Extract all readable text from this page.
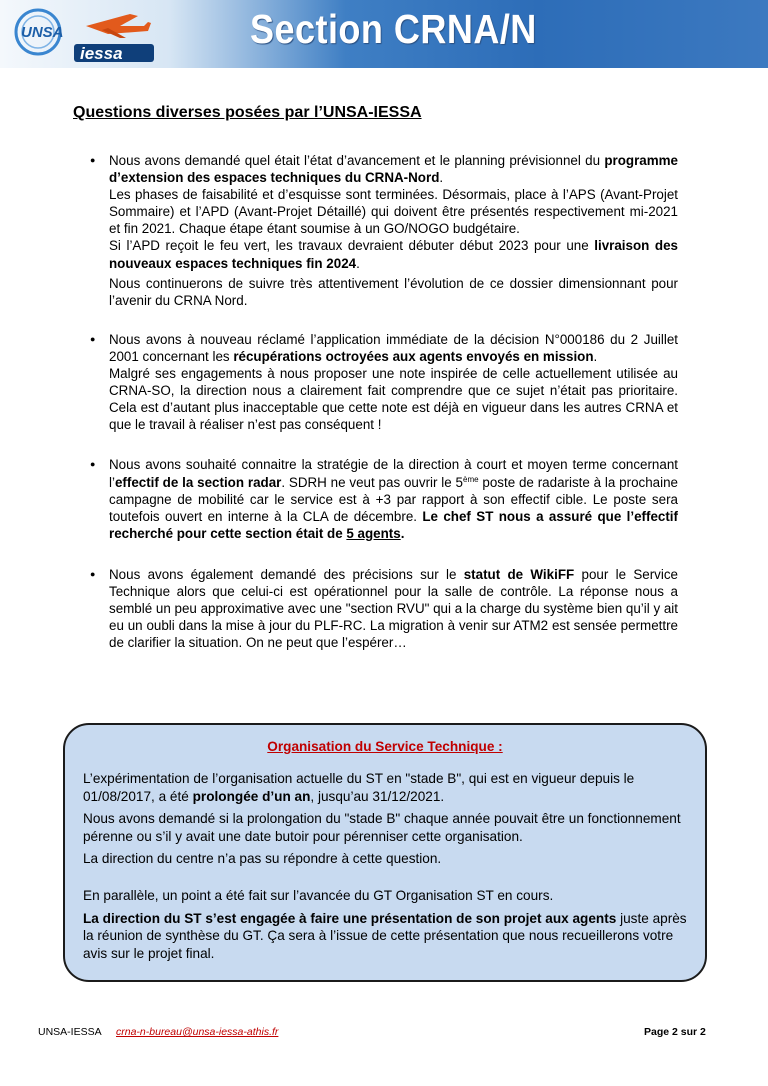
UNSA
iessa
Section CRNA/N
Questions diverses posées par l’UNSA-IESSA
● Nous avons demandé quel était l’état d’avancement et le planning prévisionnel du programme d’extension des espaces techniques du CRNA-Nord.

Les phases de faisabilité et d’esquisse sont terminées. Désormais, place à l’APS (Avant-Projet Sommaire) et l’APD (Avant-Projet Détaillé) qui doivent être présentés respectivement mi-2021 et fin 2021. Chaque étape étant soumise à un GO/NOGO budgétaire.

Si l’APD reçoit le feu vert, les travaux devraient débuter début 2023 pour une livraison des nouveaux espaces techniques fin 2024.

Nous continuerons de suivre très attentivement l’évolution de ce dossier dimensionnant pour l’avenir du CRNA Nord.

● Nous avons à nouveau réclamé l’application immédiate de la décision N°000186 du 2 Juillet 2001 concernant les récupérations octroyées aux agents envoyés en mission.

Malgré ses engagements à nous proposer une note inspirée de celle actuellement utilisée au CRNA-SO, la direction nous a clairement fait comprendre que ce sujet n’était pas prioritaire. Cela est d’autant plus inacceptable que cette note est déjà en vigueur dans les autres CRNA et que le travail à réaliser n’est pas conséquent !

● Nous avons souhaité connaitre la stratégie de la direction à court et moyen terme concernant l’effectif de la section radar. SDRH ne veut pas ouvrir le 5ème poste de radariste à la prochaine campagne de mobilité car le service est à +3 par rapport à son effectif cible. Le poste sera toutefois ouvert en interne à la CLA de décembre. Le chef ST nous a assuré que l’effectif recherché pour cette section était de 5 agents.

● Nous avons également demandé des précisions sur le statut de WikiFF pour le Service Technique alors que celui-ci est opérationnel pour la salle de contrôle. La réponse nous a semblé un peu approximative avec une "section RVU" qui a la charge du système bien qu’il y ait eu un oubli dans la mise à jour du PLF-RC. La migration à venir sur ATM2 est sensée permettre de clarifier la situation. On ne peut que l’espérer…

Organisation du Service Technique :

L’expérimentation de l’organisation actuelle du ST en "stade B", qui est en vigueur depuis le 01/08/2017, a été prolongée d’un an, jusqu’au 31/12/2021.

Nous avons demandé si la prolongation du "stade B" chaque année pouvait être un fonctionnement pérenne ou s’il y avait une date butoir pour pérenniser cette organisation.

La direction du centre n’a pas su répondre à cette question.

En parallèle, un point a été fait sur l’avancée du GT Organisation ST en cours.

La direction du ST s’est engagée à faire une présentation de son projet aux agents juste après la réunion de synthèse du GT. Ça sera à l’issue de cette présentation que nous recueillerons votre avis sur le projet final.

UNSA-IESSA crna-n-bureau@unsa-iessa-athis.fr	Page 2 sur 2
